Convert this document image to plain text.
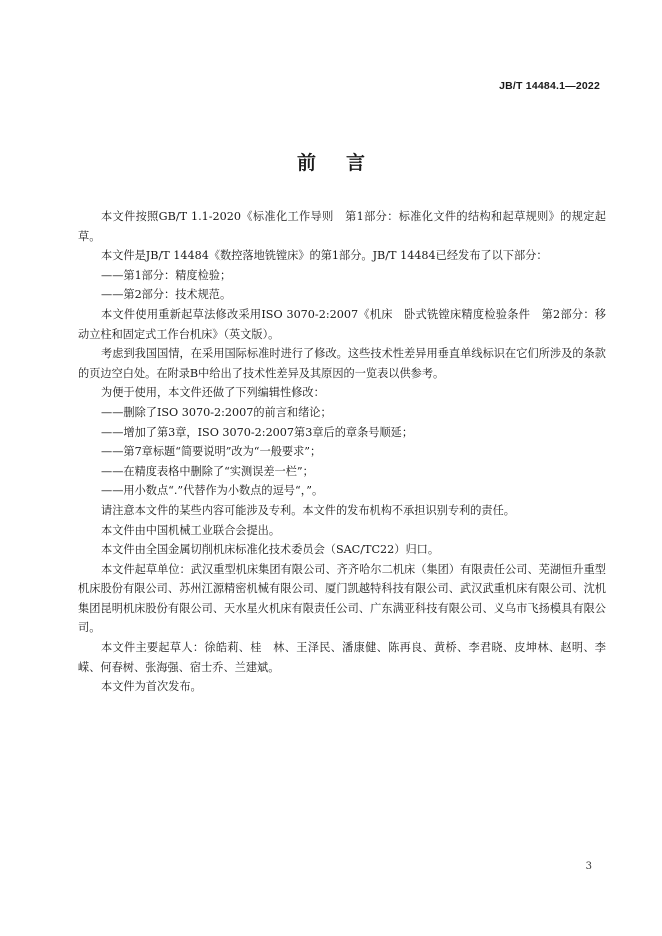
JB/T 14484.1—2022
前言

本文件按照GB/T 1.1-2020《标准化工作导则　第1部分：标准化文件的结构和起草规则》的规定起草。

本文件是JB/T 14484《数控落地铣镗床》的第1部分。JB/T 14484已经发布了以下部分：

——第1部分：精度检验；

——第2部分：技术规范。

本文件使用重新起草法修改采用ISO 3070-2:2007《机床　卧式铣镗床精度检验条件　第2部分：移动立柱和固定式工作台机床》（英文版）。

考虑到我国国情，在采用国际标准时进行了修改。这些技术性差异用垂直单线标识在它们所涉及的条款的页边空白处。在附录B中给出了技术性差异及其原因的一览表以供参考。

为便于使用，本文件还做了下列编辑性修改：

——删除了ISO 3070-2:2007的前言和绪论；

——增加了第3章，ISO 3070-2:2007第3章后的章条号顺延；

——第7章标题“简要说明”改为“一般要求”；

——在精度表格中删除了“实测误差一栏”；

——用小数点“.”代替作为小数点的逗号“，”。

请注意本文件的某些内容可能涉及专利。本文件的发布机构不承担识别专利的责任。

本文件由中国机械工业联合会提出。

本文件由全国金属切削机床标准化技术委员会（SAC/TC22）归口。

本文件起草单位：武汉重型机床集团有限公司、齐齐哈尔二机床（集团）有限责任公司、芜湖恒升重型机床股份有限公司、苏州江源精密机械有限公司、厦门凯越特科技有限公司、武汉武重机床有限公司、沈机集团昆明机床股份有限公司、天水星火机床有限责任公司、广东满亚科技有限公司、义乌市飞扬模具有限公司。

本文件主要起草人：徐皓莉、桂　林、王泽民、潘康健、陈再良、黄桥、李君晓、皮坤林、赵明、李嵘、何春树、张海强、宿士乔、兰建斌。

本文件为首次发布。

3
